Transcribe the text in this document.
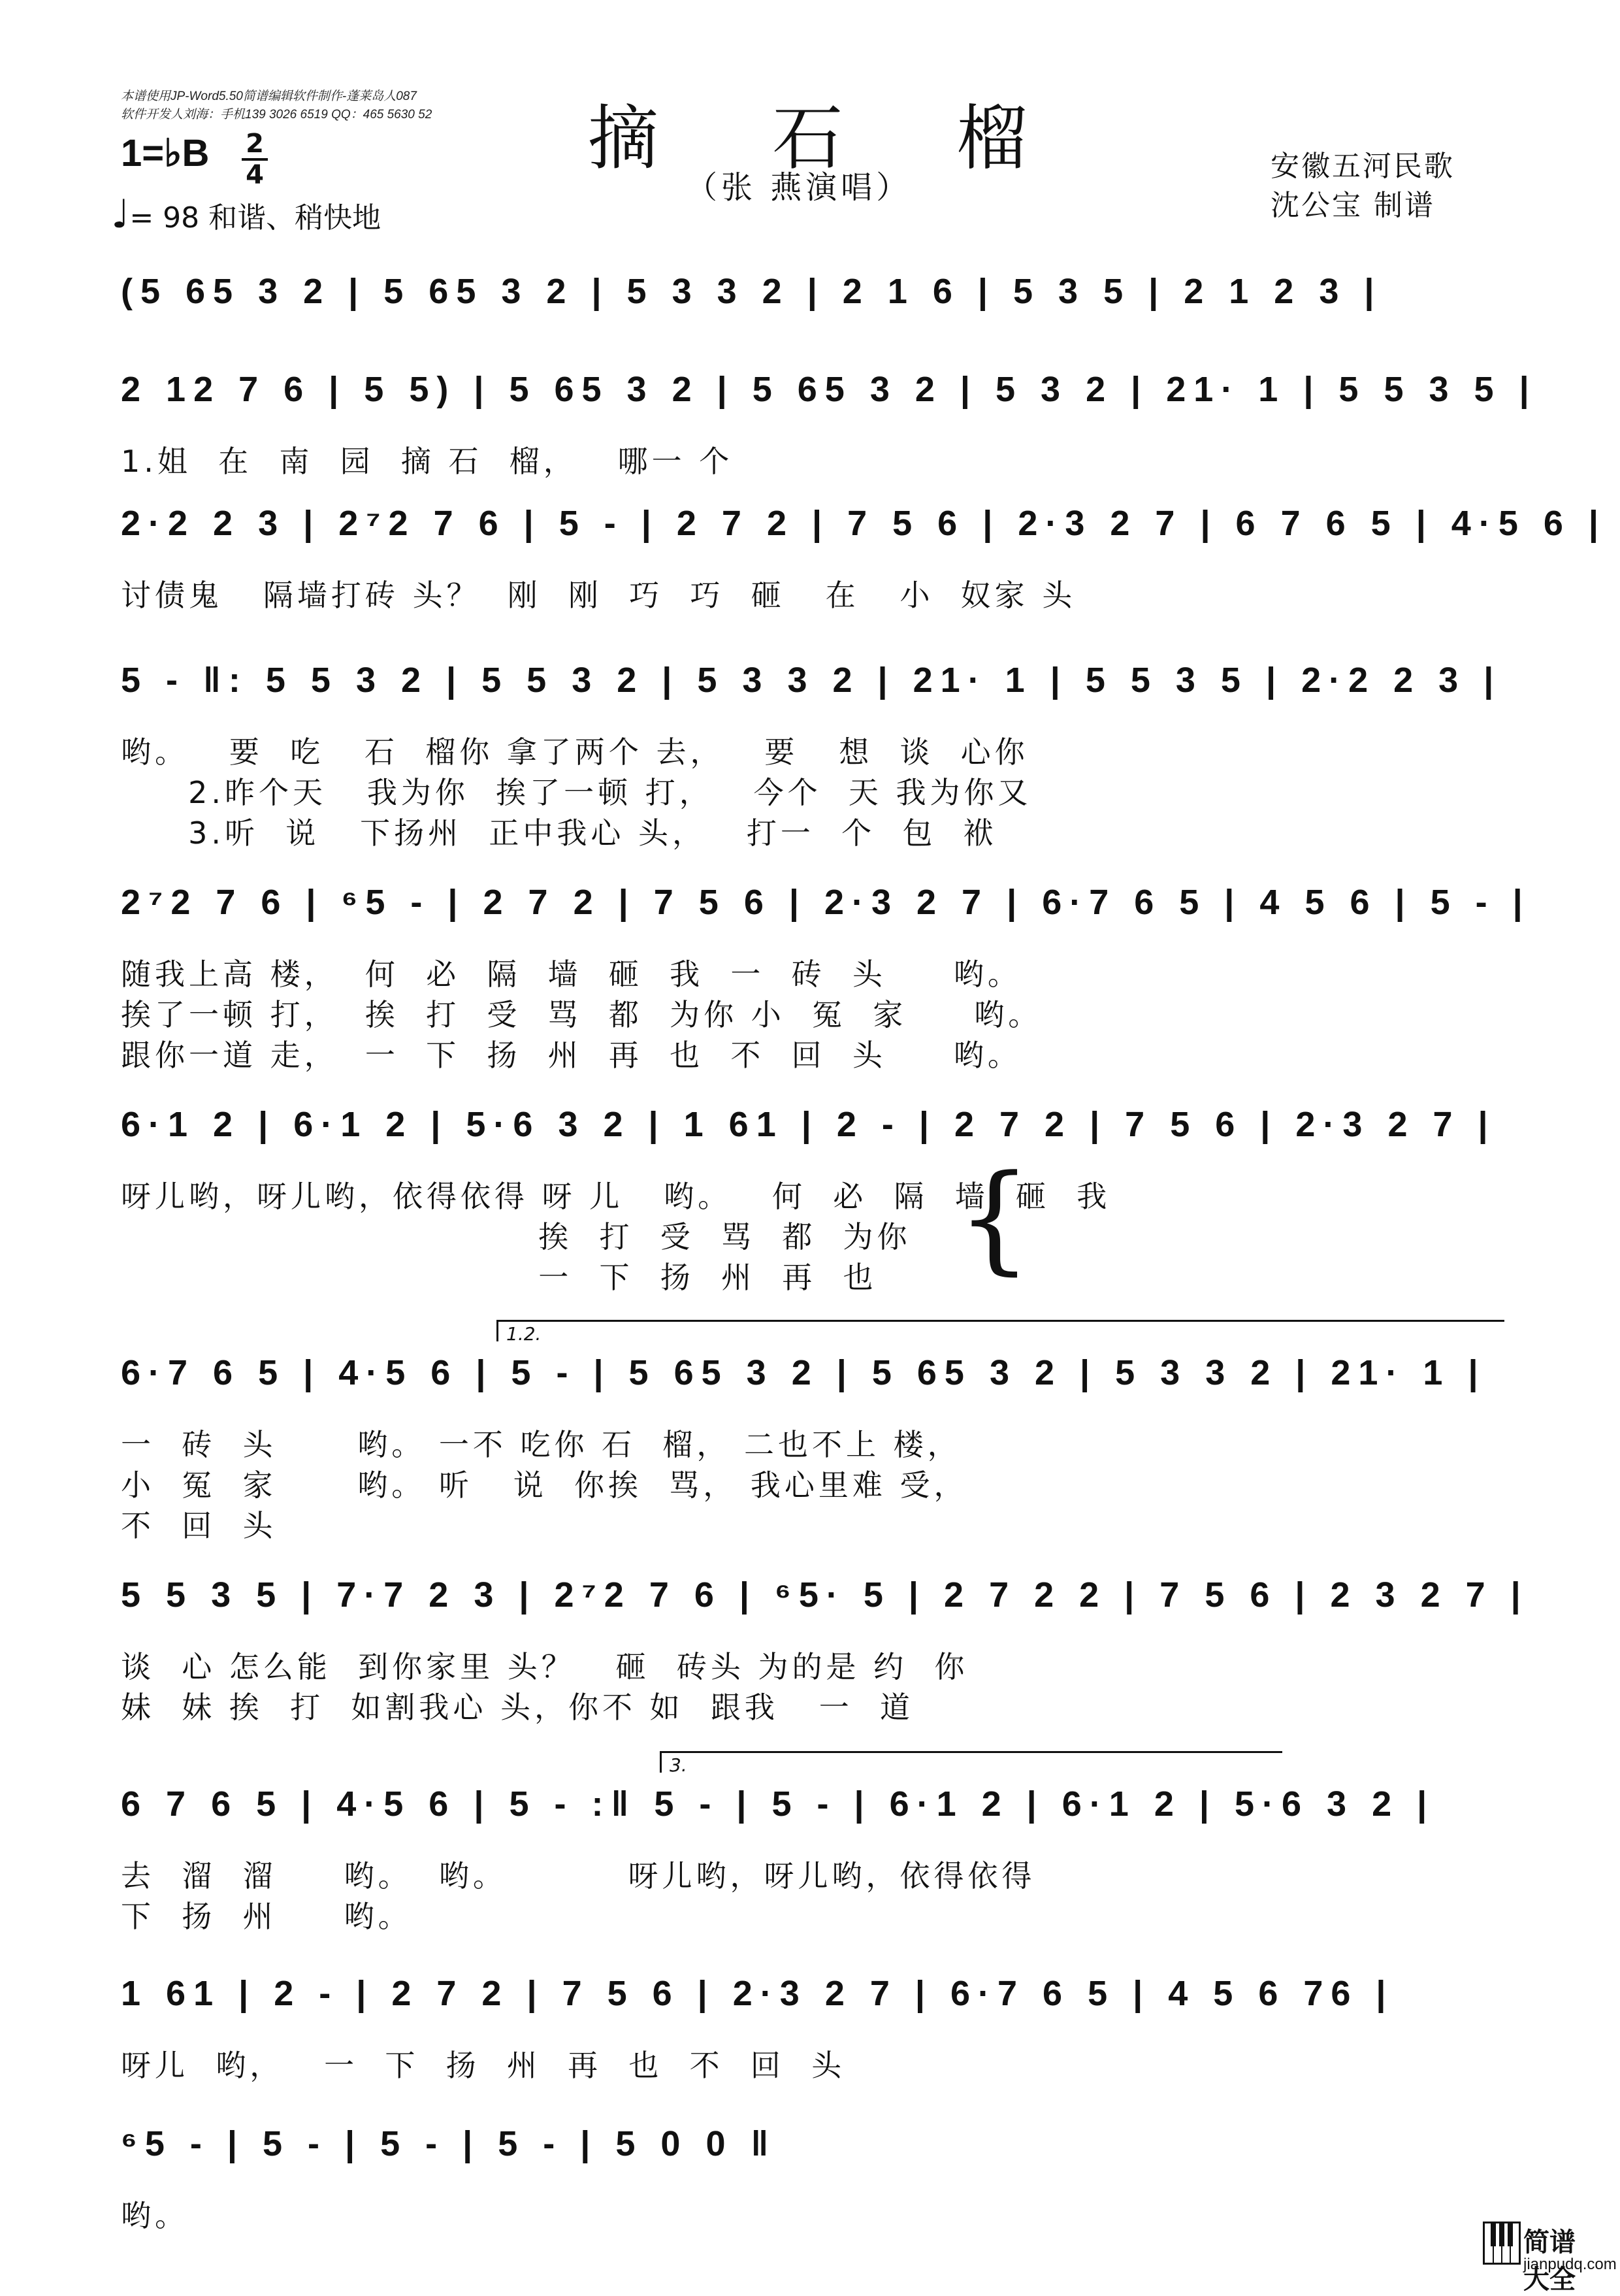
本谱使用JP-Word5.50简谱编辑软件制作-蓬莱岛人087
软件开发人刘海：手机139 3026 6519 QQ：465 5630 52 摘 石 榴
（张 燕演唱）
安徽五河民歌
沈公宝 制谱
1=♭B 2
4
♩= 98 和谐、稍快地
(5 65 3 2 | 5 65 3 2 | 5 3 3 2 | 2 1 6 | 5 3 5 | 2 1 2 3 |
2 12 7 6 | 5 5) | 5 65 3 2 | 5 65 3 2 | 5 3 2 | 21· 1 | 5 5 3 5 |
1.姐  在  南  园  摘 石  榴，   哪一 个
2·2 2 3 | 2⁷2 7 6 | 5 - | 2 7 2 | 7 5 6 | 2·3 2 7 | 6 7 6 5 | 4·5 6 |
讨债鬼   隔墙打砖 头？  刚  刚  巧  巧  砸   在   小  奴家 头
5 - ‖: 5 5 3 2 | 5 5 3 2 | 5 3 3 2 | 21· 1 | 5 5 3 5 | 2·2 2 3 |
哟。   要  吃   石  榴你 拿了两个 去，   要   想  谈  心你
2.昨个天   我为你  挨了一顿 打，   今个  天 我为你又
3.听  说   下扬州  正中我心 头，   打一  个  包  袱
2⁷2 7 6 | ⁶5 - | 2 7 2 | 7 5 6 | 2·3 2 7 | 6·7 6 5 | 4 5 6 | 5 - |
随我上高 楼，  何  必  隔  墙  砸  我  一  砖  头     哟。
挨了一顿 打，  挨  打  受  骂  都  为你 小  冤  家     哟。
跟你一道 走，  一  下  扬  州  再  也  不  回  头     哟。
6·1 2 | 6·1 2 | 5·6 3 2 | 1 61 | 2 - | 2 7 2 | 7 5 6 | 2·3 2 7 |
呀儿哟，呀儿哟，依得依得 呀 儿   哟。   何  必  隔  墙  砸  我
挨  打  受  骂  都  为你
一  下  扬  州  再  也
6·7 6 5 | 4·5 6 | 5 - | 5 65 3 2 | 5 65 3 2 | 5 3 3 2 | 21· 1 |
1.2.
一  砖  头      哟。 一不 吃你 石  榴， 二也不上 楼，
小  冤  家      哟。 听   说  你挨  骂， 我心里难 受，
不  回  头
5 5 3 5 | 7·7 2 3 | 2⁷2 7 6 | ⁶5· 5 | 2 7 2 2 | 7 5 6 | 2 3 2 7 |
谈  心 怎么能  到你家里 头？   砸  砖头 为的是 约  你
妹  妹 挨  打  如割我心 头，你不 如  跟我   一  道
6 7 6 5 | 4·5 6 | 5 - :‖ 5 - | 5 - | 6·1 2 | 6·1 2 | 5·6 3 2 |
3.
去  溜  溜     哟。  哟。         呀儿哟，呀儿哟，依得依得
下  扬  州     哟。
1 61 | 2 - | 2 7 2 | 7 5 6 | 2·3 2 7 | 6·7 6 5 | 4 5 6 76 |
呀儿  哟，   一  下  扬  州  再  也  不  回  头
⁶5 - | 5 - | 5 - | 5 - | 5 0 0 ‖
哟。
{
简谱大全
jianpudq.com
